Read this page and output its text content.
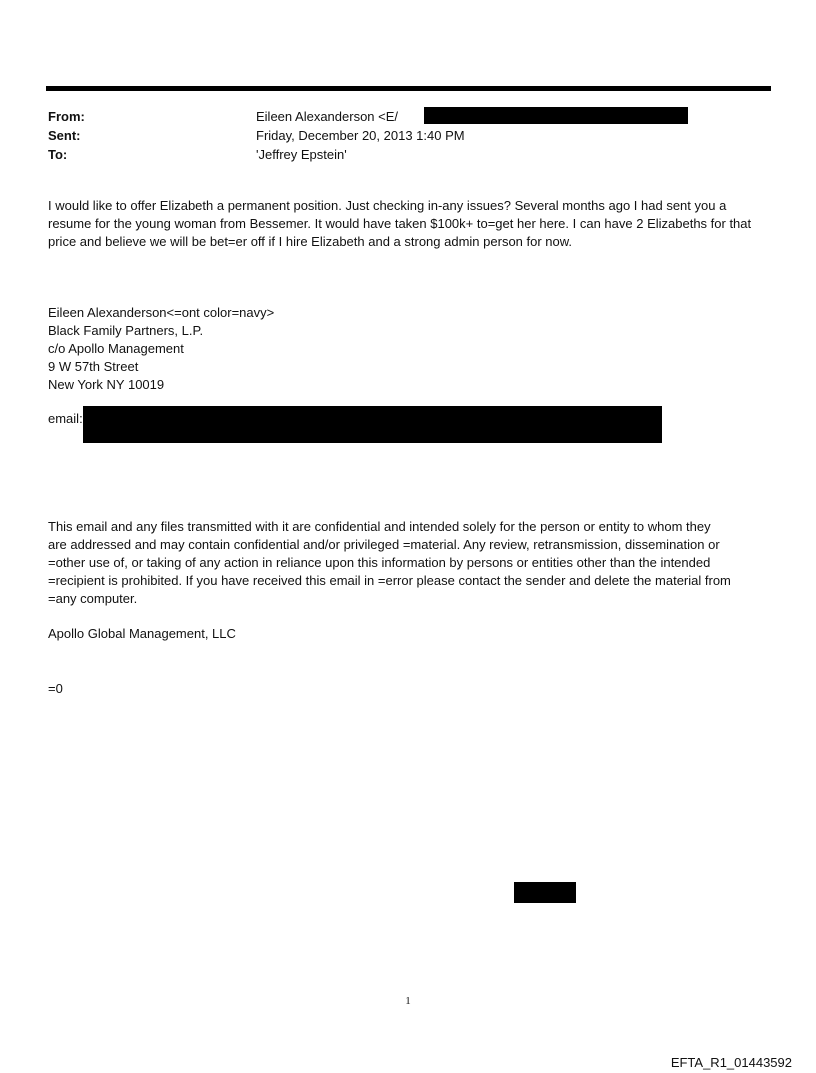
From:	Eileen Alexanderson <E/
Sent:	Friday, December 20, 2013 1:40 PM
To:	'Jeffrey Epstein'
I would like to offer Elizabeth a permanent position. Just checking in-any issues? Several months ago I had sent you a resume for the young woman from Bessemer. It would have taken $100k+ to=get her here. I can have 2 Elizabeths for that price and believe we will be bet=er off if I hire Elizabeth and a strong admin person for now.
Eileen Alexanderson<=ont color=navy>
Black Family Partners, L.P.
c/o Apollo Management
9 W 57th Street
New York NY 10019
email:

This email and any files transmitted with it are confidential and intended solely for the person or entity to whom they

are addressed and may contain confidential and/or privileged =material. Any review, retransmission, dissemination or

=other use of, or taking of any action in reliance upon this information by persons or entities other than the intended

=recipient is prohibited. If you have received this email in =error please contact the sender and delete the material from

=any computer.

Apollo Global Management, LLC
=0
1
EFTA_R1_01443592
